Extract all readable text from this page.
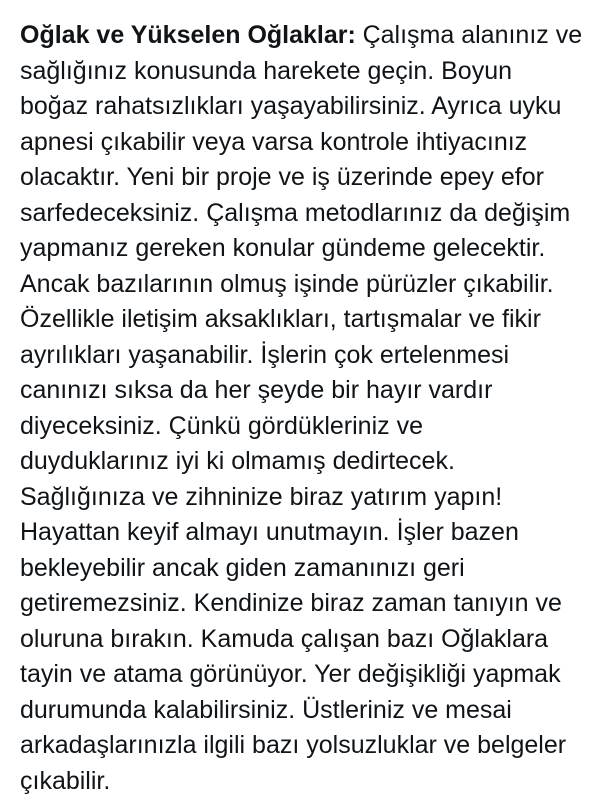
Oğlak ve Yükselen Oğlaklar: Çalışma alanınız ve
sağlığınız konusunda harekete geçin. Boyun
boğaz rahatsızlıkları yaşayabilirsiniz. Ayrıca uyku
apnesi çıkabilir veya varsa kontrole ihtiyacınız
olacaktır. Yeni bir proje ve iş üzerinde epey efor
sarfedeceksiniz. Çalışma metodlarınız da değişim
yapmanız gereken konular gündeme gelecektir.
Ancak bazılarının olmuş işinde pürüzler çıkabilir.
Özellikle iletişim aksaklıkları, tartışmalar ve fikir
ayrılıkları yaşanabilir. İşlerin çok ertelenmesi
canınızı sıksa da her şeyde bir hayır vardır
diyeceksiniz. Çünkü gördükleriniz ve
duyduklarınız iyi ki olmamış dedirtecek.
Sağlığınıza ve zihninize biraz yatırım yapın!
Hayattan keyif almayı unutmayın. İşler bazen
bekleyebilir ancak giden zamanınızı geri
getiremezsiniz. Kendinize biraz zaman tanıyın ve
oluruna bırakın. Kamuda çalışan bazı Oğlaklara
tayin ve atama görünüyor. Yer değişikliği yapmak
durumunda kalabilirsiniz. Üstleriniz ve mesai
arkadaşlarınızla ilgili bazı yolsuzluklar ve belgeler
çıkabilir.
